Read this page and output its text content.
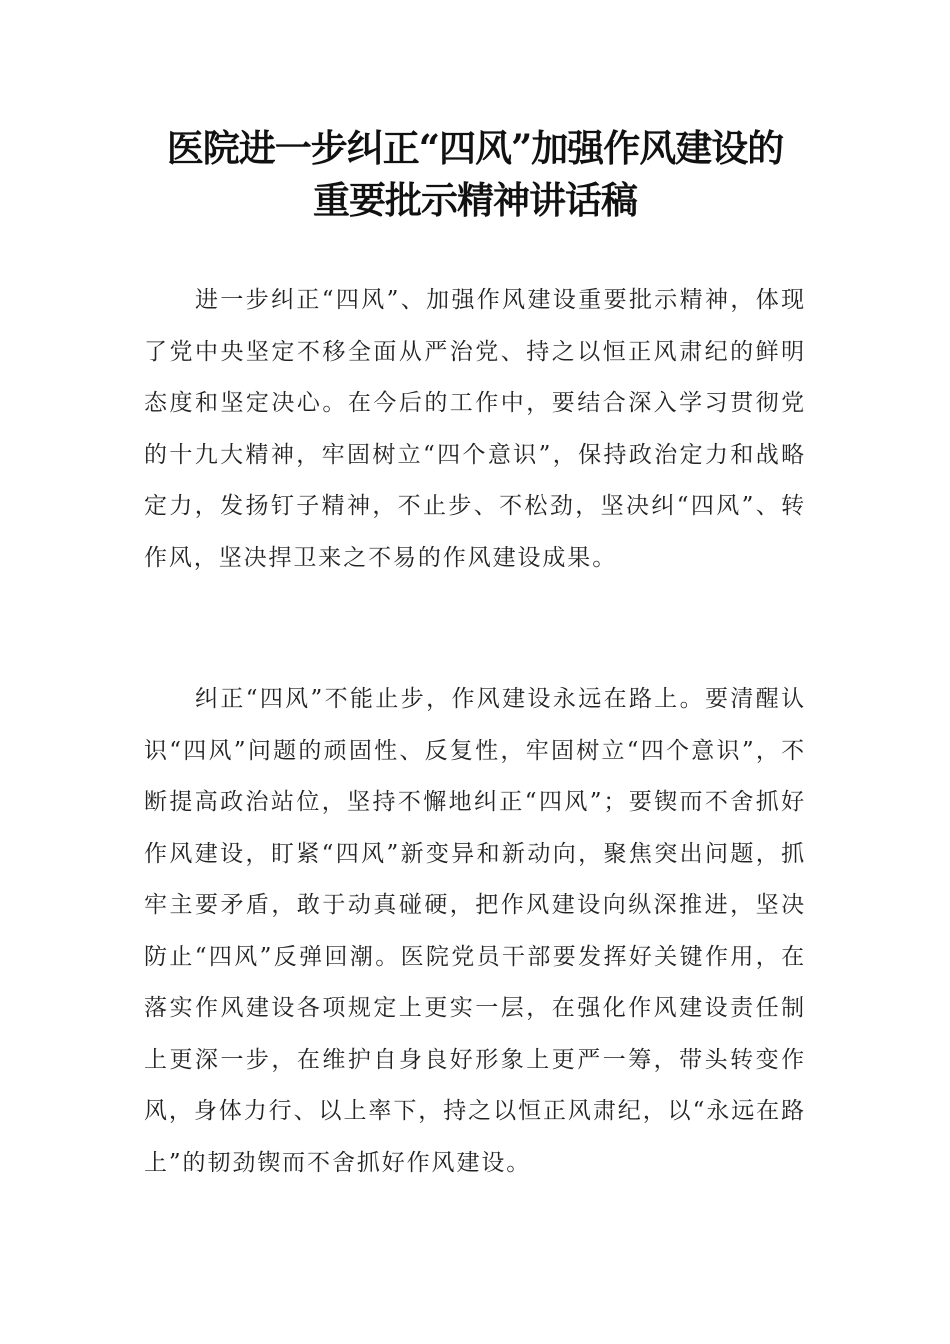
医院进一步纠正“四风”加强作风建设的
重要批示精神讲话稿

进一步纠正“四风”、加强作风建设重要批示精神，体现了党中央坚定不移全面从严治党、持之以恒正风肃纪的鲜明态度和坚定决心。在今后的工作中，要结合深入学习贯彻党的十九大精神，牢固树立“四个意识”，保持政治定力和战略定力，发扬钉子精神，不止步、不松劲，坚决纠“四风”、转作风，坚决捍卫来之不易的作风建设成果。

纠正“四风”不能止步，作风建设永远在路上。要清醒认识“四风”问题的顽固性、反复性，牢固树立“四个意识”，不断提高政治站位，坚持不懈地纠正“四风”；要锲而不舍抓好作风建设，盯紧“四风”新变异和新动向，聚焦突出问题，抓牢主要矛盾，敢于动真碰硬，把作风建设向纵深推进，坚决防止“四风”反弹回潮。医院党员干部要发挥好关键作用，在落实作风建设各项规定上更实一层，在强化作风建设责任制上更深一步，在维护自身良好形象上更严一筹，带头转变作风，身体力行、以上率下，持之以恒正风肃纪，以“永远在路上”的韧劲锲而不舍抓好作风建设。
